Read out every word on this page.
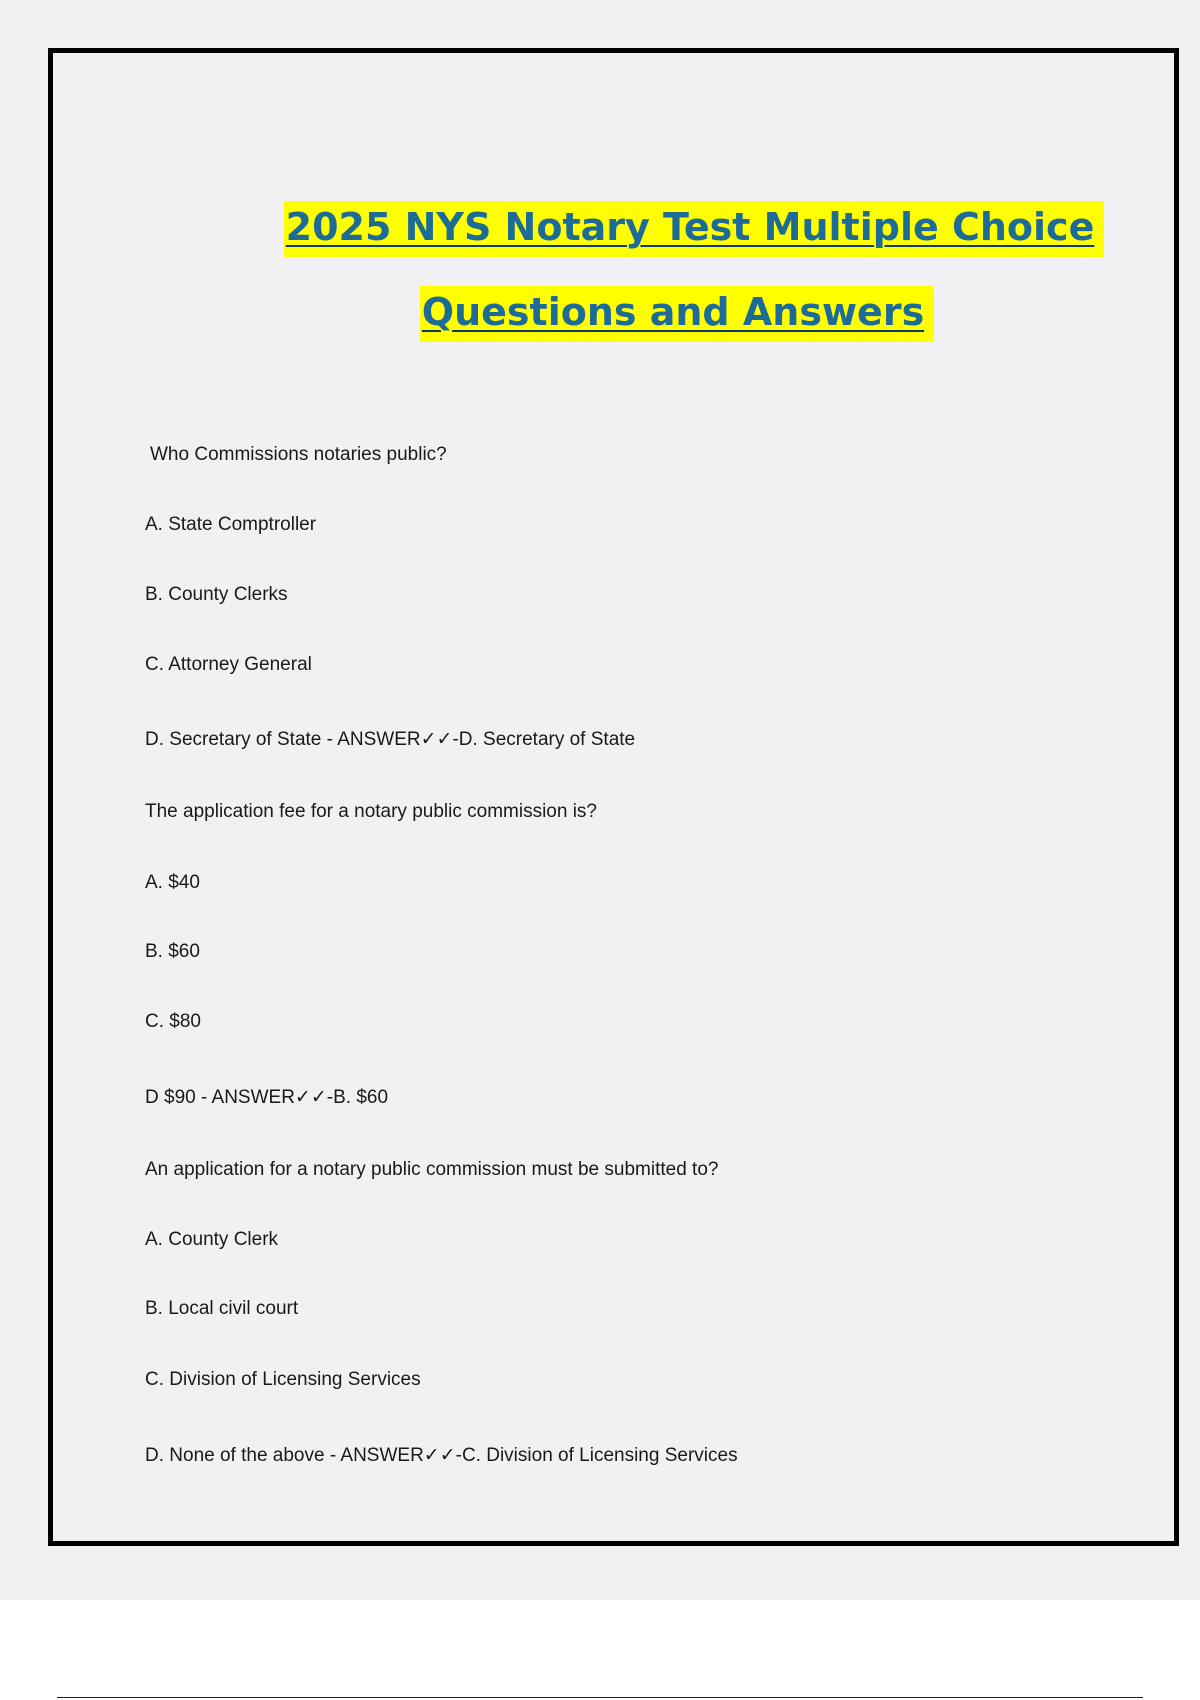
2025 NYS Notary Test Multiple Choice
Questions and Answers

Who Commissions notaries public?

A. State Comptroller

B. County Clerks

C. Attorney General

D. Secretary of State - ANSWER✓✓-D. Secretary of State

The application fee for a notary public commission is?

A. $40

B. $60

C. $80

D $90 - ANSWER✓✓-B. $60

An application for a notary public commission must be submitted to?

A. County Clerk

B. Local civil court

C. Division of Licensing Services

D. None of the above - ANSWER✓✓-C. Division of Licensing Services
